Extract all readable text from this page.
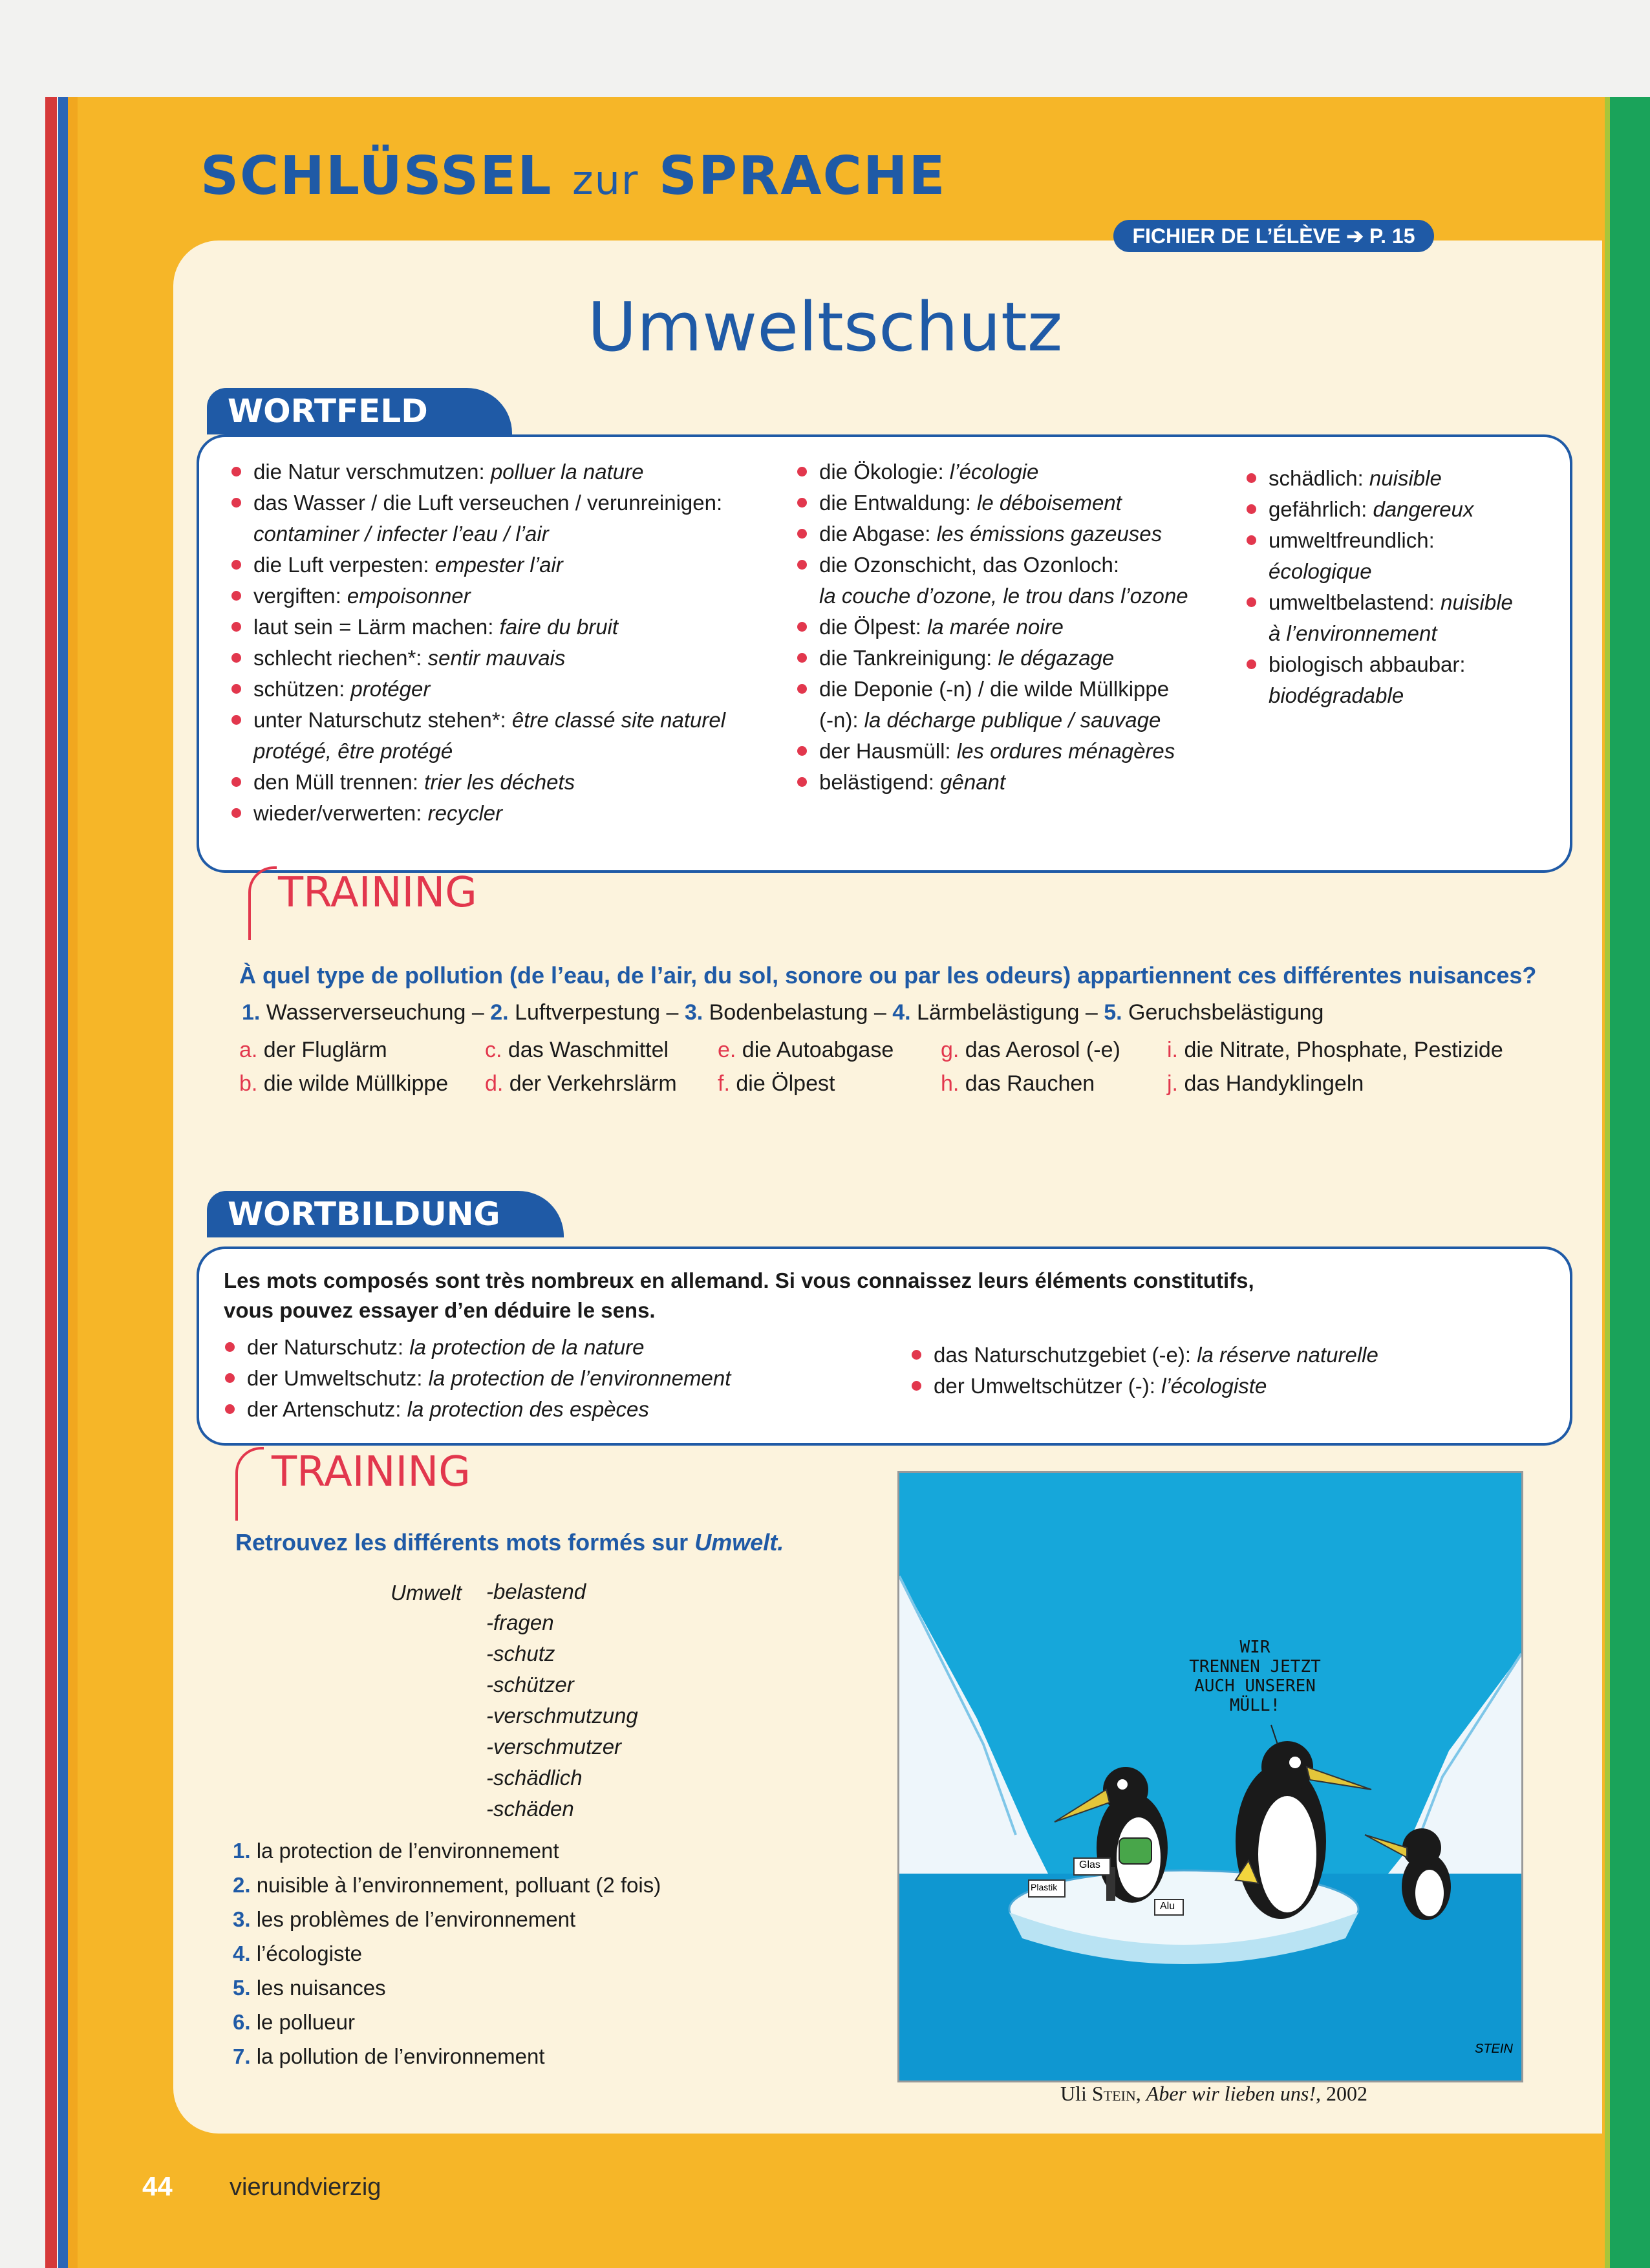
SCHLÜSSEL zur SPRACHE
FICHIER DE L’ÉLÈVE ➔ P. 15
Umweltschutz
WORTFELD
die Natur verschmutzen: polluer la nature
das Wasser / die Luft verseuchen / verunreinigen:
contaminer / infecter l’eau / l’air
die Luft verpesten: empester l’air
vergiften: empoisonner
laut sein = Lärm machen: faire du bruit
schlecht riechen*: sentir mauvais
schützen: protéger
unter Naturschutz stehen*: être classé site naturel
protégé, être protégé
den Müll trennen: trier les déchets
wieder/verwerten: recycler
die Ökologie: l’écologie
die Entwaldung: le déboisement
die Abgase: les émissions gazeuses
die Ozonschicht, das Ozonloch:
la couche d’ozone, le trou dans l’ozone
die Ölpest: la marée noire
die Tankreinigung: le dégazage
die Deponie (-n) / die wilde Müllkippe
(-n): la décharge publique / sauvage
der Hausmüll: les ordures ménagères
belästigend: gênant
schädlich: nuisible
gefährlich: dangereux
umweltfreundlich:
écologique
umweltbelastend: nuisible
à l’environnement
biologisch abbaubar:
biodégradable
TRAINING
À quel type de pollution (de l’eau, de l’air, du sol, sonore ou par les odeurs) appartiennent ces différentes nuisances?
1. Wasserverseuchung – 2. Luftverpestung – 3. Bodenbelastung – 4. Lärmbelästigung – 5. Geruchsbelästigung
a. der Fluglärm
b. die wilde Müllkippe
c. das Waschmittel
d. der Verkehrslärm
e. die Autoabgase
f. die Ölpest
g. das Aerosol (-e)
h. das Rauchen
i. die Nitrate, Phosphate, Pestizide
j. das Handyklingeln
WORTBILDUNG
Les mots composés sont très nombreux en allemand. Si vous connaissez leurs éléments constitutifs,
vous pouvez essayer d’en déduire le sens.
der Naturschutz: la protection de la nature
der Umweltschutz: la protection de l’environnement
der Artenschutz: la protection des espèces
das Naturschutzgebiet (-e): la réserve naturelle
der Umweltschützer (-): l’écologiste
TRAINING
Retrouvez les différents mots formés sur Umwelt.
Umwelt -belastend
-fragen
-schutz
-schützer
-verschmutzung
-verschmutzer
-schädlich
-schäden
1. la protection de l’environnement
2. nuisible à l’environnement, polluant (2 fois)
3. les problèmes de l’environnement
4. l’écologiste
5. les nuisances
6. le pollueur
7. la pollution de l’environnement
WIR
TRENNEN JETZT
AUCH UNSEREN
MÜLL!
Glas
Plastik
Alu
STEIN
Uli Stein, Aber wir lieben uns!, 2002
44 vierundvierzig
